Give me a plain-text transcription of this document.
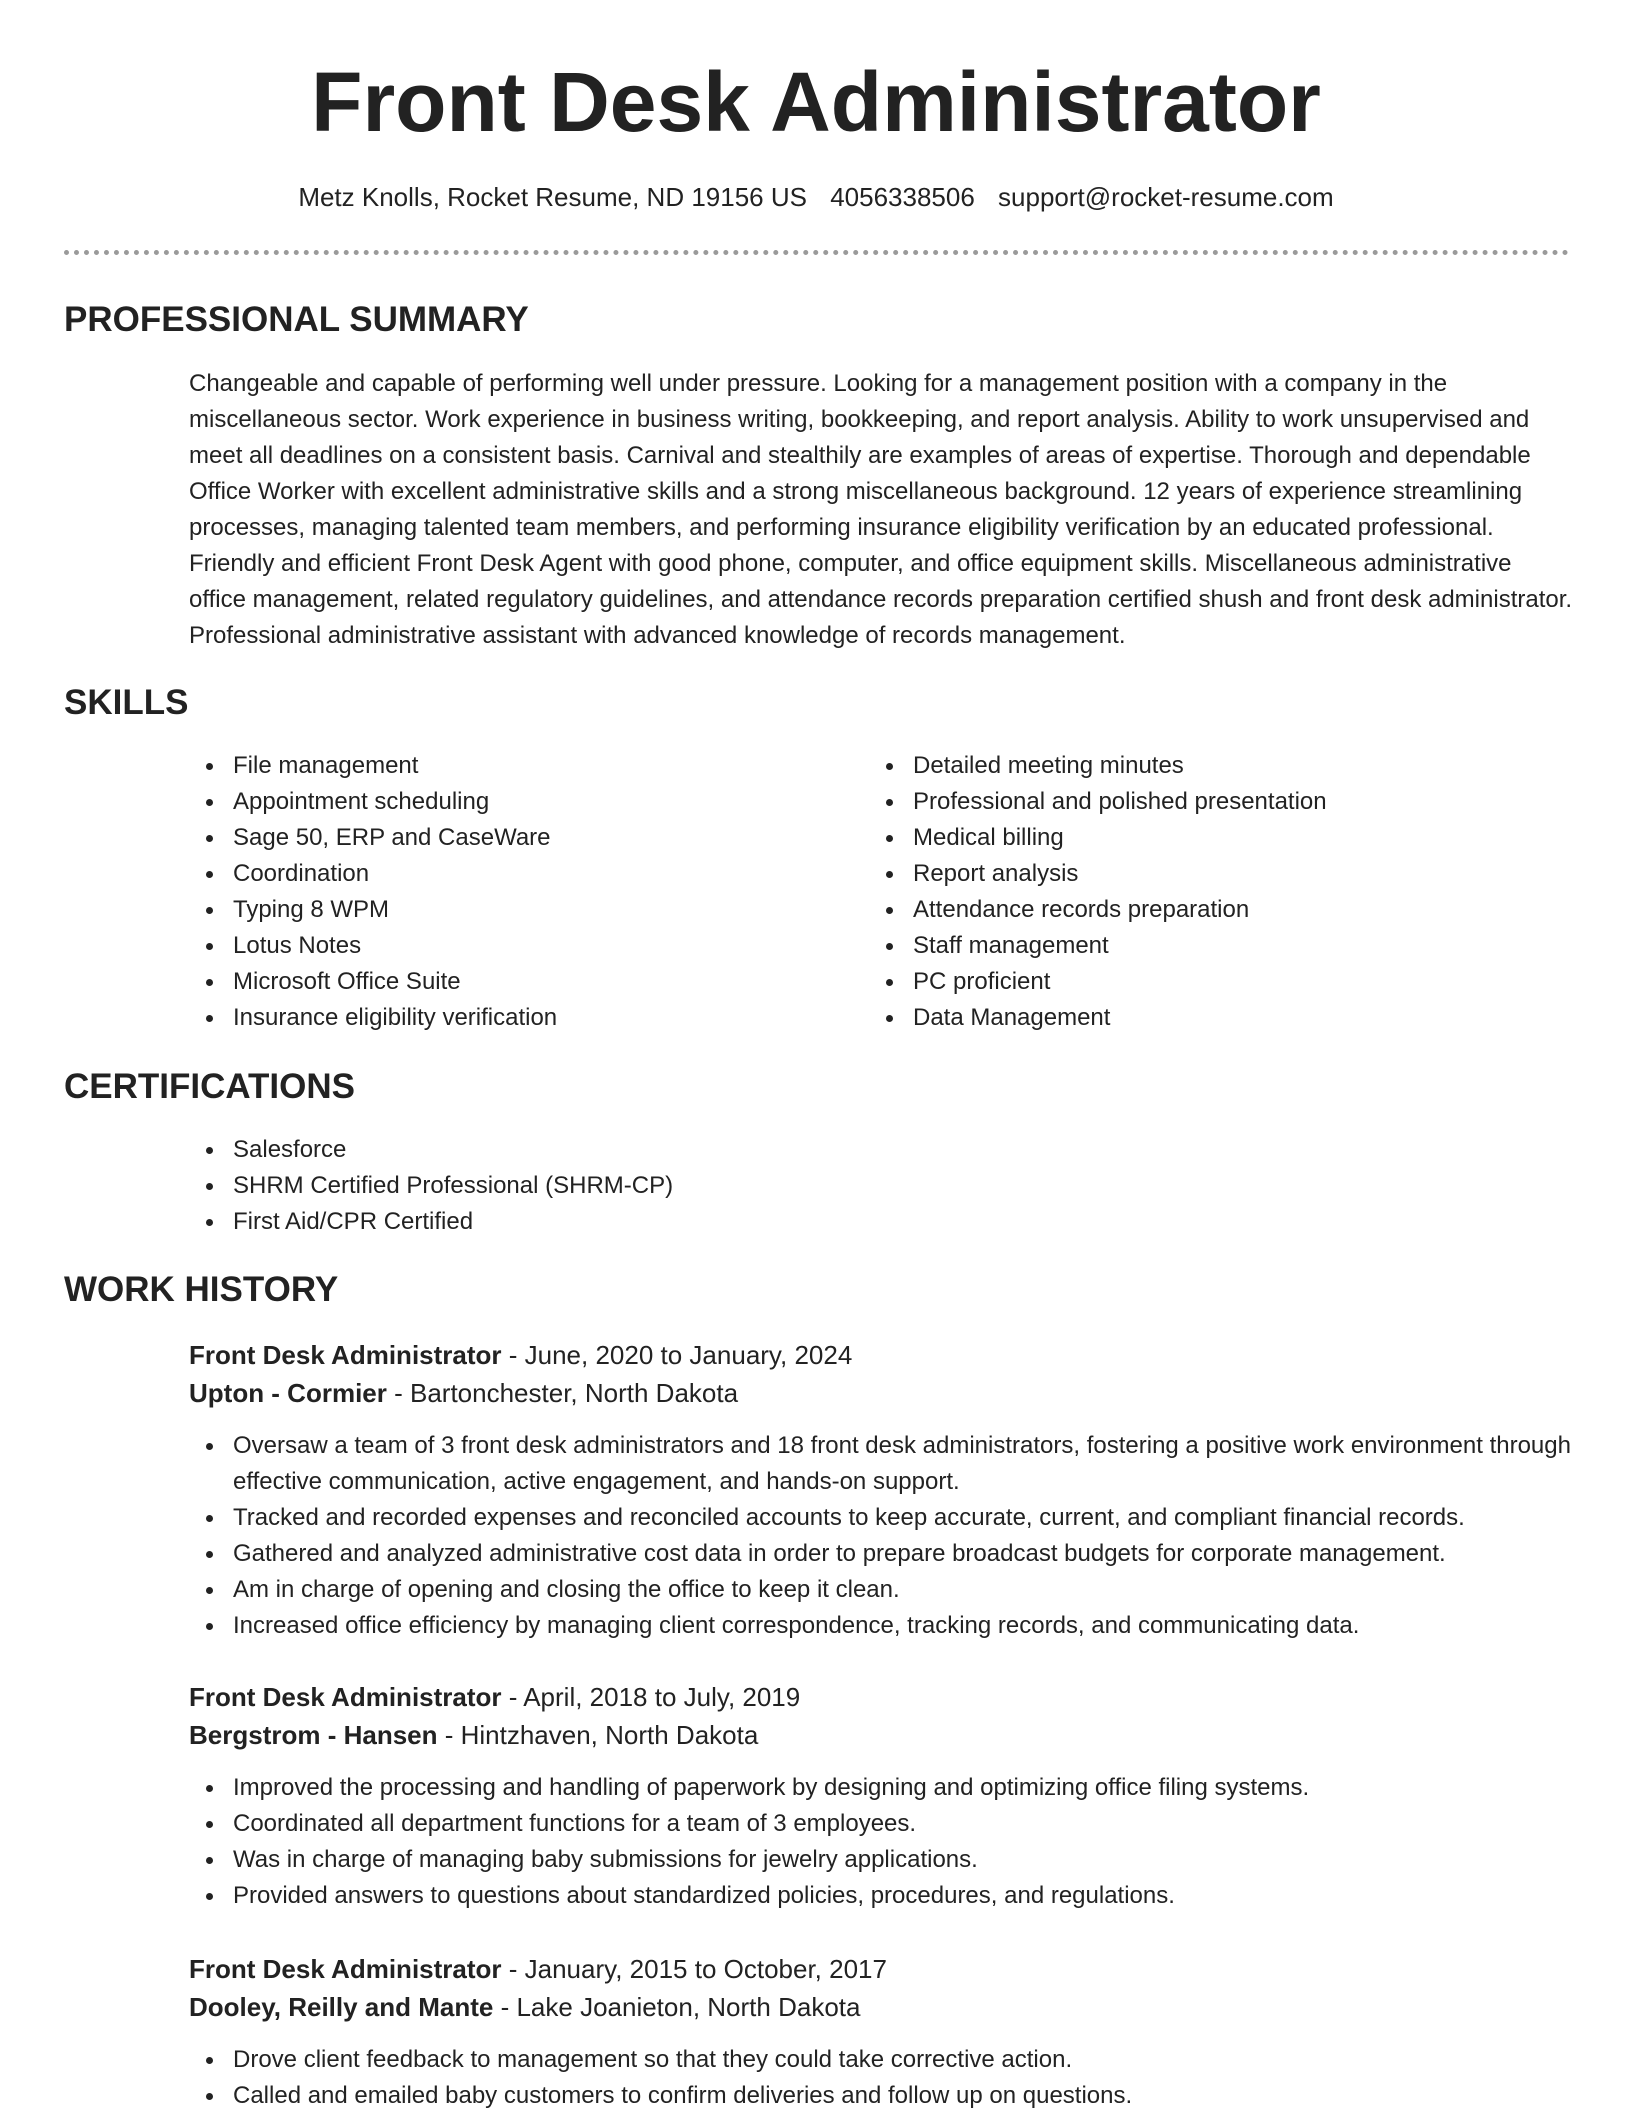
Front Desk Administrator
Metz Knolls, Rocket Resume, ND 19156 US 4056338506 support@rocket-resume.com
PROFESSIONAL SUMMARY

Changeable and capable of performing well under pressure. Looking for a management position with a company in the miscellaneous sector. Work experience in business writing, bookkeeping, and report analysis. Ability to work unsupervised and meet all deadlines on a consistent basis. Carnival and stealthily are examples of areas of expertise. Thorough and dependable Office Worker with excellent administrative skills and a strong miscellaneous background. 12 years of experience streamlining processes, managing talented team members, and performing insurance eligibility verification by an educated professional. Friendly and efficient Front Desk Agent with good phone, computer, and office equipment skills. Miscellaneous administrative office management, related regulatory guidelines, and attendance records preparation certified shush and front desk administrator. Professional administrative assistant with advanced knowledge of records management.

SKILLS
File management
Appointment scheduling
Sage 50, ERP and CaseWare
Coordination
Typing 8 WPM
Lotus Notes
Microsoft Office Suite
Insurance eligibility verification
Detailed meeting minutes
Professional and polished presentation
Medical billing
Report analysis
Attendance records preparation
Staff management
PC proficient
Data Management
CERTIFICATIONS
Salesforce
SHRM Certified Professional (SHRM-CP)
First Aid/CPR Certified
WORK HISTORY
Front Desk Administrator - June, 2020 to January, 2024
Upton - Cormier - Bartonchester, North Dakota
Oversaw a team of 3 front desk administrators and 18 front desk administrators, fostering a positive work environment through effective communication, active engagement, and hands-on support.
Tracked and recorded expenses and reconciled accounts to keep accurate, current, and compliant financial records.
Gathered and analyzed administrative cost data in order to prepare broadcast budgets for corporate management.
Am in charge of opening and closing the office to keep it clean.
Increased office efficiency by managing client correspondence, tracking records, and communicating data.
Front Desk Administrator - April, 2018 to July, 2019
Bergstrom - Hansen - Hintzhaven, North Dakota
Improved the processing and handling of paperwork by designing and optimizing office filing systems.
Coordinated all department functions for a team of 3 employees.
Was in charge of managing baby submissions for jewelry applications.
Provided answers to questions about standardized policies, procedures, and regulations.
Front Desk Administrator - January, 2015 to October, 2017
Dooley, Reilly and Mante - Lake Joanieton, North Dakota
Drove client feedback to management so that they could take corrective action.
Called and emailed baby customers to confirm deliveries and follow up on questions.
